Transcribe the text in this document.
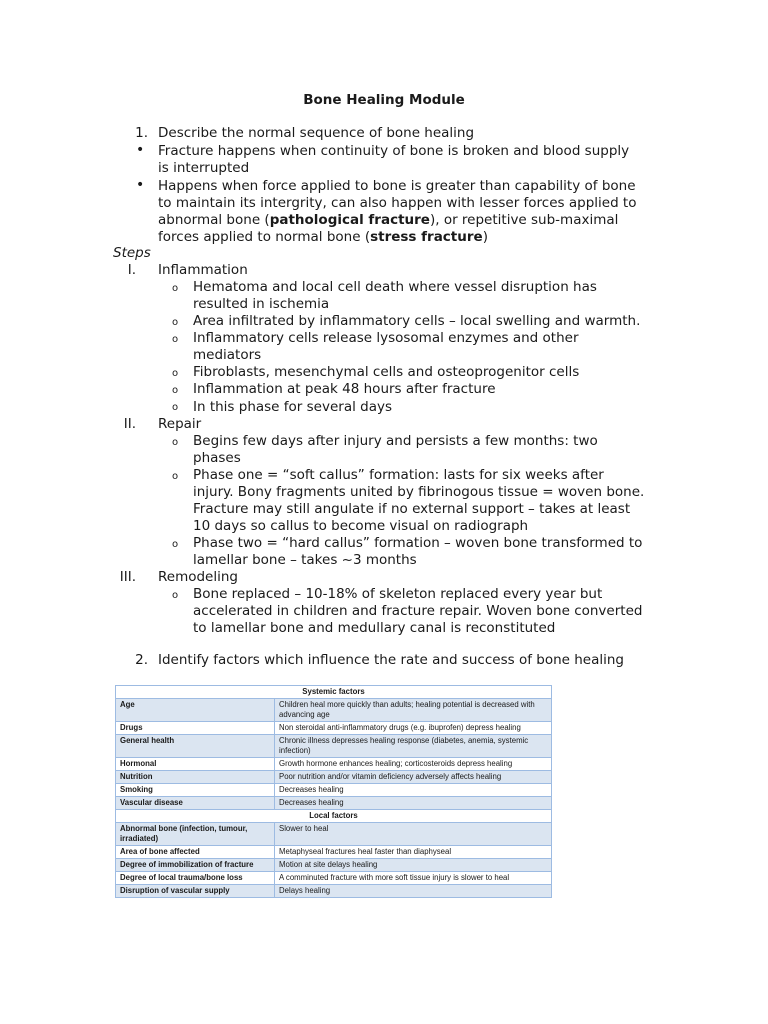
Bone Healing Module
1. Describe the normal sequence of bone healing
• Fracture happens when continuity of bone is broken and blood supply
is interrupted
• Happens when force applied to bone is greater than capability of bone
to maintain its intergrity, can also happen with lesser forces applied to
abnormal bone (pathological fracture), or repetitive sub-maximal
forces applied to normal bone (stress fracture)
Steps
I. Inflammation
o Hematoma and local cell death where vessel disruption has
resulted in ischemia
o Area infiltrated by inflammatory cells – local swelling and warmth.
o Inflammatory cells release lysosomal enzymes and other
mediators
o Fibroblasts, mesenchymal cells and osteoprogenitor cells
o Inflammation at peak 48 hours after fracture
o In this phase for several days
II. Repair
o Begins few days after injury and persists a few months: two
phases
o Phase one = “soft callus” formation: lasts for six weeks after
injury. Bony fragments united by fibrinogous tissue = woven bone.
Fracture may still angulate if no external support – takes at least
10 days so callus to become visual on radiograph
o Phase two = “hard callus” formation – woven bone transformed to
lamellar bone – takes ~3 months
III. Remodeling
o Bone replaced – 10-18% of skeleton replaced every year but
accelerated in children and fracture repair. Woven bone converted
to lamellar bone and medullary canal is reconstituted
2. Identify factors which influence the rate and success of bone healing
Systemic factors	
Age	Children heal more quickly than adults; healing potential is decreased with advancing age
Drugs	Non steroidal anti-inflammatory drugs (e.g. ibuprofen) depress healing
General health	Chronic illness depresses healing response (diabetes, anemia, systemic infection)
Hormonal	Growth hormone enhances healing; corticosteroids depress healing
Nutrition	Poor nutrition and/or vitamin deficiency adversely affects healing
Smoking	Decreases healing
Vascular disease	Decreases healing
Local factors	
Abnormal bone (infection, tumour, irradiated)	Slower to heal
Area of bone affected	Metaphyseal fractures heal faster than diaphyseal
Degree of immobilization of fracture	Motion at site delays healing
Degree of local trauma/bone loss	A comminuted fracture with more soft tissue injury is slower to heal
Disruption of vascular supply	Delays healing
